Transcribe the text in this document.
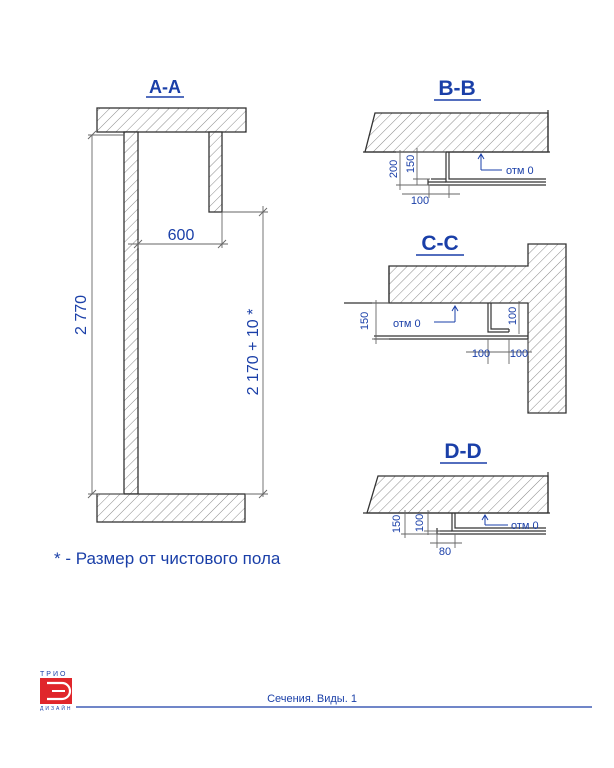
A-A
2 770
600
2 170 + 10 *
B-B
200 150
100
отм 0
C-C
150	100
100 100
отм 0
D-D
150 100
80
отм 0
* - Размер от чистового пола
ТРИО
ДИЗАЙН
Сечения. Виды. 1
